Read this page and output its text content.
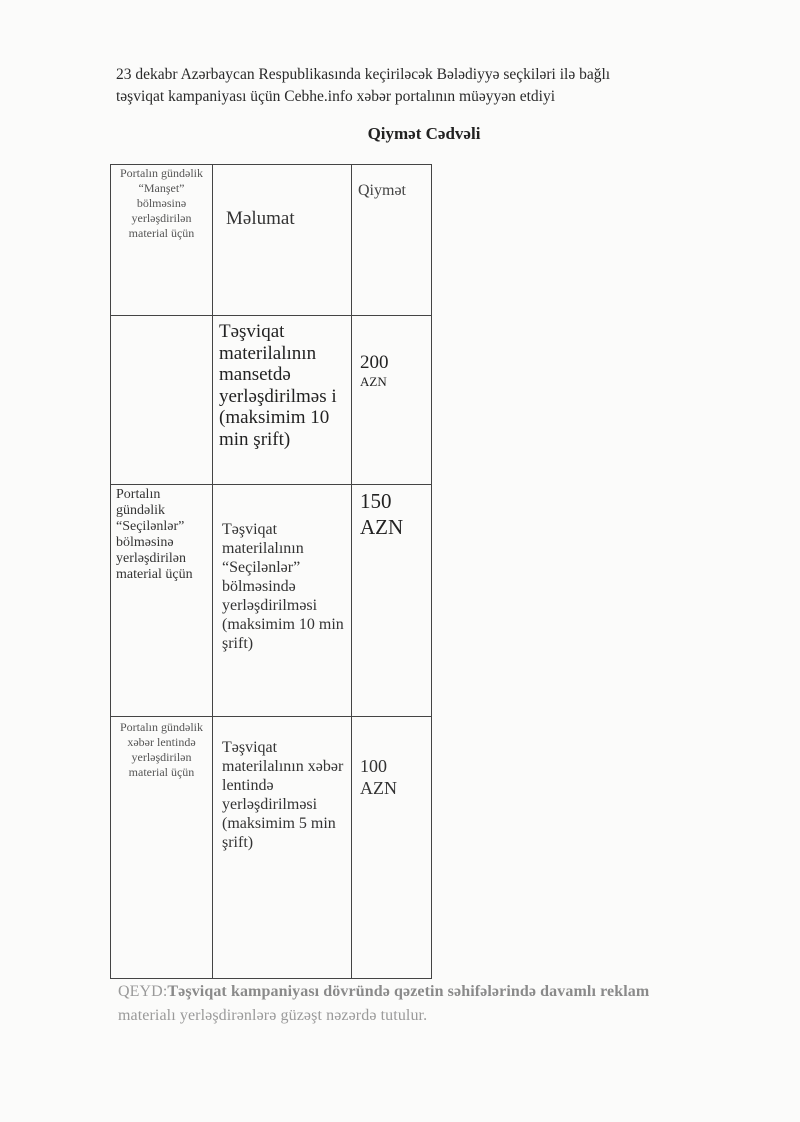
23 dekabr Azərbaycan Respublikasında keçiriləcək Bələdiyyə seçkiləri ilə bağlı
təşviqat kampaniyası üçün Cebhe.info xəbər portalının müəyyən etdiyi
Qiymət Cədvəli
Portalın gündəlik “Manşet” bölməsinə yerləşdirilən material üçün
Məlumat
Qiymət
Təşviqat materilalının mansetdə yerləşdirilməs i (maksimim 10 min şrift)
200
AZN
Portalın gündəlik “Seçilənlər” bölməsinə yerləşdirilən material üçün
Təşviqat materilalının “Seçilənlər” bölməsində yerləşdirilməsi (maksimim 10 min şrift)
150
AZN
Portalın gündəlik xəbər lentində yerləşdirilən material üçün
Təşviqat materilalının xəbər lentində yerləşdirilməsi (maksimim 5 min şrift)
100
AZN
QEYD:Təşviqat kampaniyası dövründə qəzetin səhifələrində davamlı reklam
materialı yerləşdirənlərə güzəşt nəzərdə tutulur.
